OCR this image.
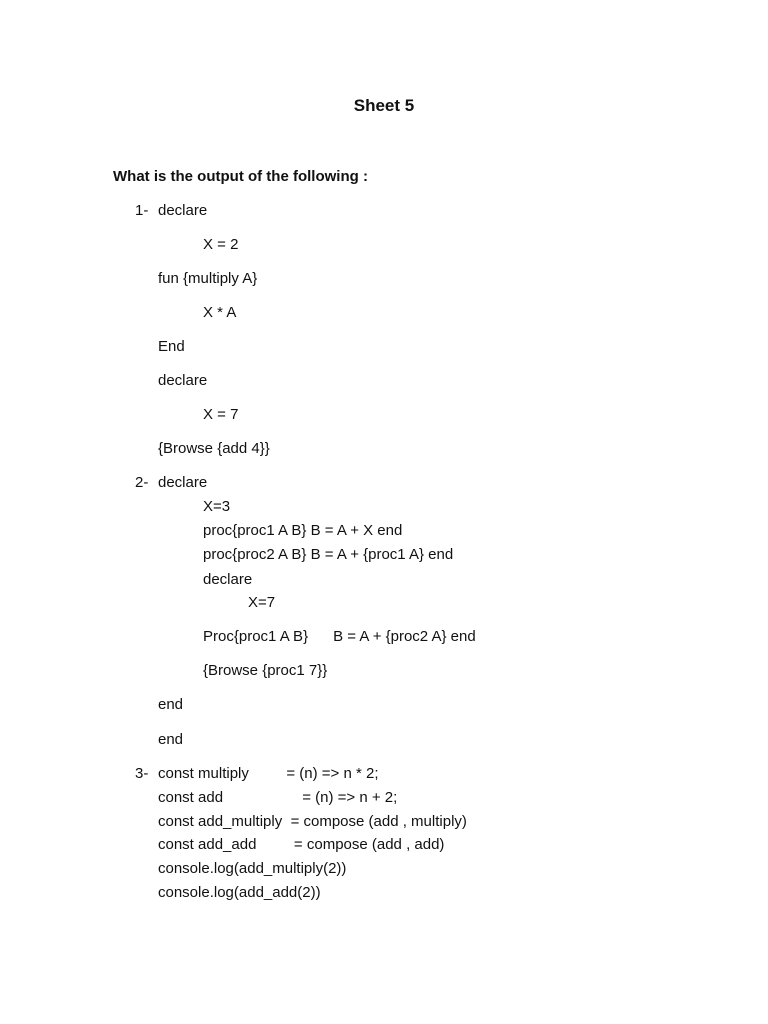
Sheet 5
What is the output of the following :
1- declare
X = 2
fun {multiply A}
X * A
End
declare
X = 7
{Browse {add 4}}
2- declare
X=3
proc{proc1 A B} B = A + X end
proc{proc2 A B} B = A + {proc1 A} end
declare
X=7
Proc{proc1 A B}      B = A + {proc2 A} end
{Browse {proc1 7}}
end
end
3- const multiply         = (n) => n * 2;
const add                   = (n) => n + 2;
const add_multiply  = compose (add , multiply)
const add_add         = compose (add , add)
console.log(add_multiply(2))
console.log(add_add(2))
